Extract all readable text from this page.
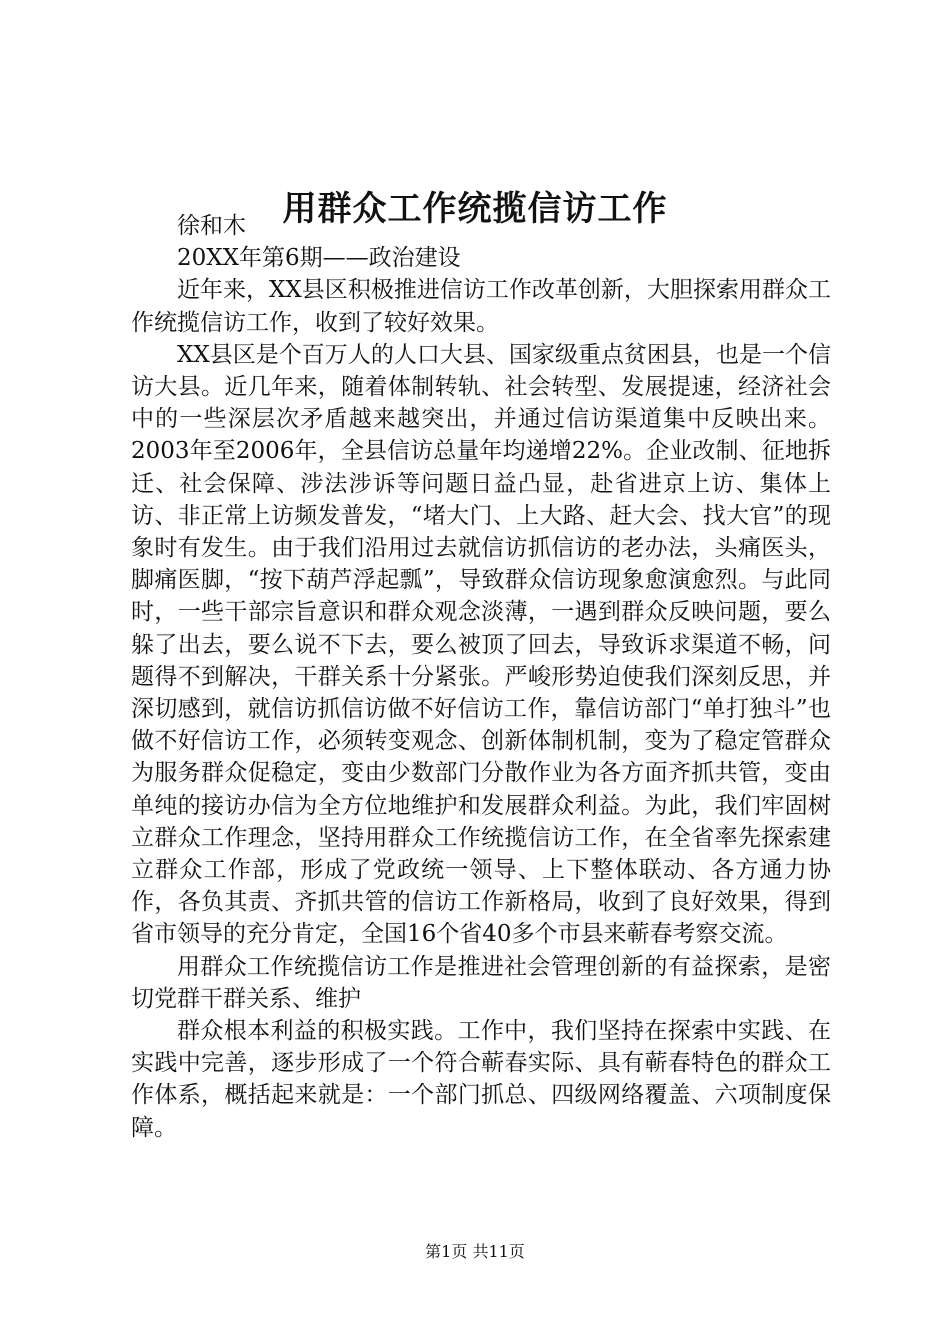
用群众工作统揽信访工作

徐和木

20XX年第6期——政治建设

近年来，XX县区积极推进信访工作改革创新，大胆探索用群众工作统揽信访工作，收到了较好效果。

XX县区是个百万人的人口大县、国家级重点贫困县，也是一个信访大县。近几年来，随着体制转轨、社会转型、发展提速，经济社会中的一些深层次矛盾越来越突出，并通过信访渠道集中反映出来。2003年至2006年，全县信访总量年均递增22%。企业改制、征地拆迁、社会保障、涉法涉诉等问题日益凸显，赴省进京上访、集体上访、非正常上访频发普发，“堵大门、上大路、赶大会、找大官”的现象时有发生。由于我们沿用过去就信访抓信访的老办法，头痛医头，脚痛医脚，“按下葫芦浮起瓢”，导致群众信访现象愈演愈烈。与此同时，一些干部宗旨意识和群众观念淡薄，一遇到群众反映问题，要么躲了出去，要么说不下去，要么被顶了回去，导致诉求渠道不畅，问题得不到解决，干群关系十分紧张。严峻形势迫使我们深刻反思，并深切感到，就信访抓信访做不好信访工作，靠信访部门“单打独斗”也做不好信访工作，必须转变观念、创新体制机制，变为了稳定管群众为服务群众促稳定，变由少数部门分散作业为各方面齐抓共管，变由单纯的接访办信为全方位地维护和发展群众利益。为此，我们牢固树立群众工作理念，坚持用群众工作统揽信访工作，在全省率先探索建立群众工作部，形成了党政统一领导、上下整体联动、各方通力协作，各负其责、齐抓共管的信访工作新格局，收到了良好效果，得到省市领导的充分肯定，全国16个省40多个市县来蕲春考察交流。

用群众工作统揽信访工作是推进社会管理创新的有益探索，是密切党群干群关系、维护

群众根本利益的积极实践。工作中，我们坚持在探索中实践、在实践中完善，逐步形成了一个符合蕲春实际、具有蕲春特色的群众工作体系，概括起来就是：一个部门抓总、四级网络覆盖、六项制度保障。

第1页 共11页
